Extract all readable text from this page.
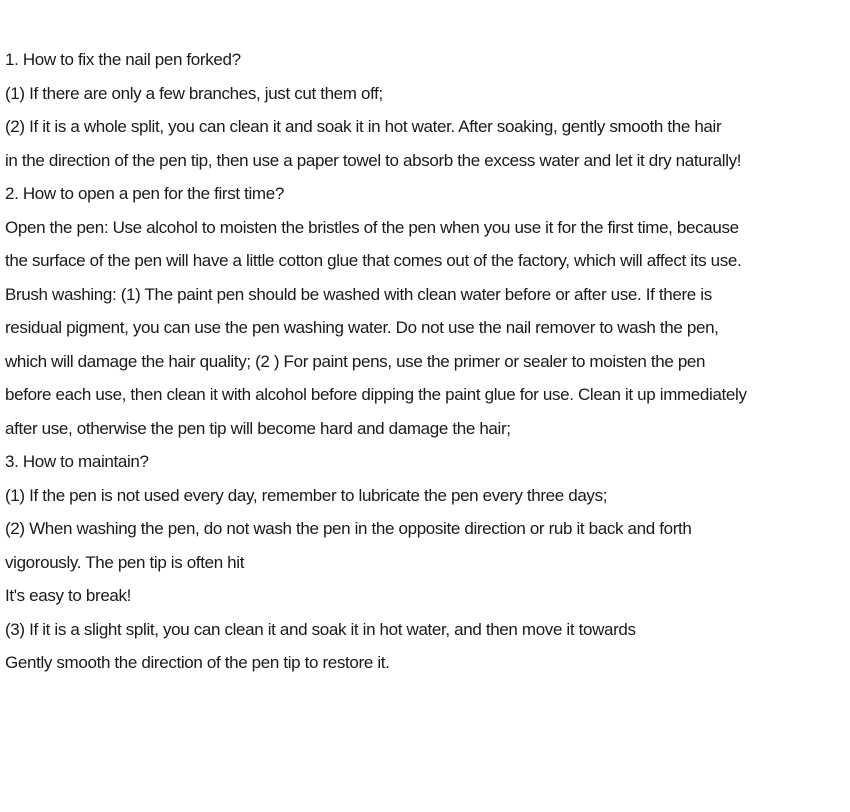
1. How to fix the nail pen forked?
(1) If there are only a few branches, just cut them off;
(2) If it is a whole split, you can clean it and soak it in hot water. After soaking, gently smooth the hair
in the direction of the pen tip, then use a paper towel to absorb the excess water and let it dry naturally!
2. How to open a pen for the first time?
Open the pen: Use alcohol to moisten the bristles of the pen when you use it for the first time, because
the surface of the pen will have a little cotton glue that comes out of the factory, which will affect its use.
Brush washing: (1) The paint pen should be washed with clean water before or after use. If there is
residual pigment, you can use the pen washing water. Do not use the nail remover to wash the pen,
which will damage the hair quality; (2 ) For paint pens, use the primer or sealer to moisten the pen
before each use, then clean it with alcohol before dipping the paint glue for use. Clean it up immediately
after use, otherwise the pen tip will become hard and damage the hair;
3. How to maintain?
(1) If the pen is not used every day, remember to lubricate the pen every three days;
(2) When washing the pen, do not wash the pen in the opposite direction or rub it back and forth
vigorously. The pen tip is often hit
It's easy to break!
(3) If it is a slight split, you can clean it and soak it in hot water, and then move it towards
Gently smooth the direction of the pen tip to restore it.
